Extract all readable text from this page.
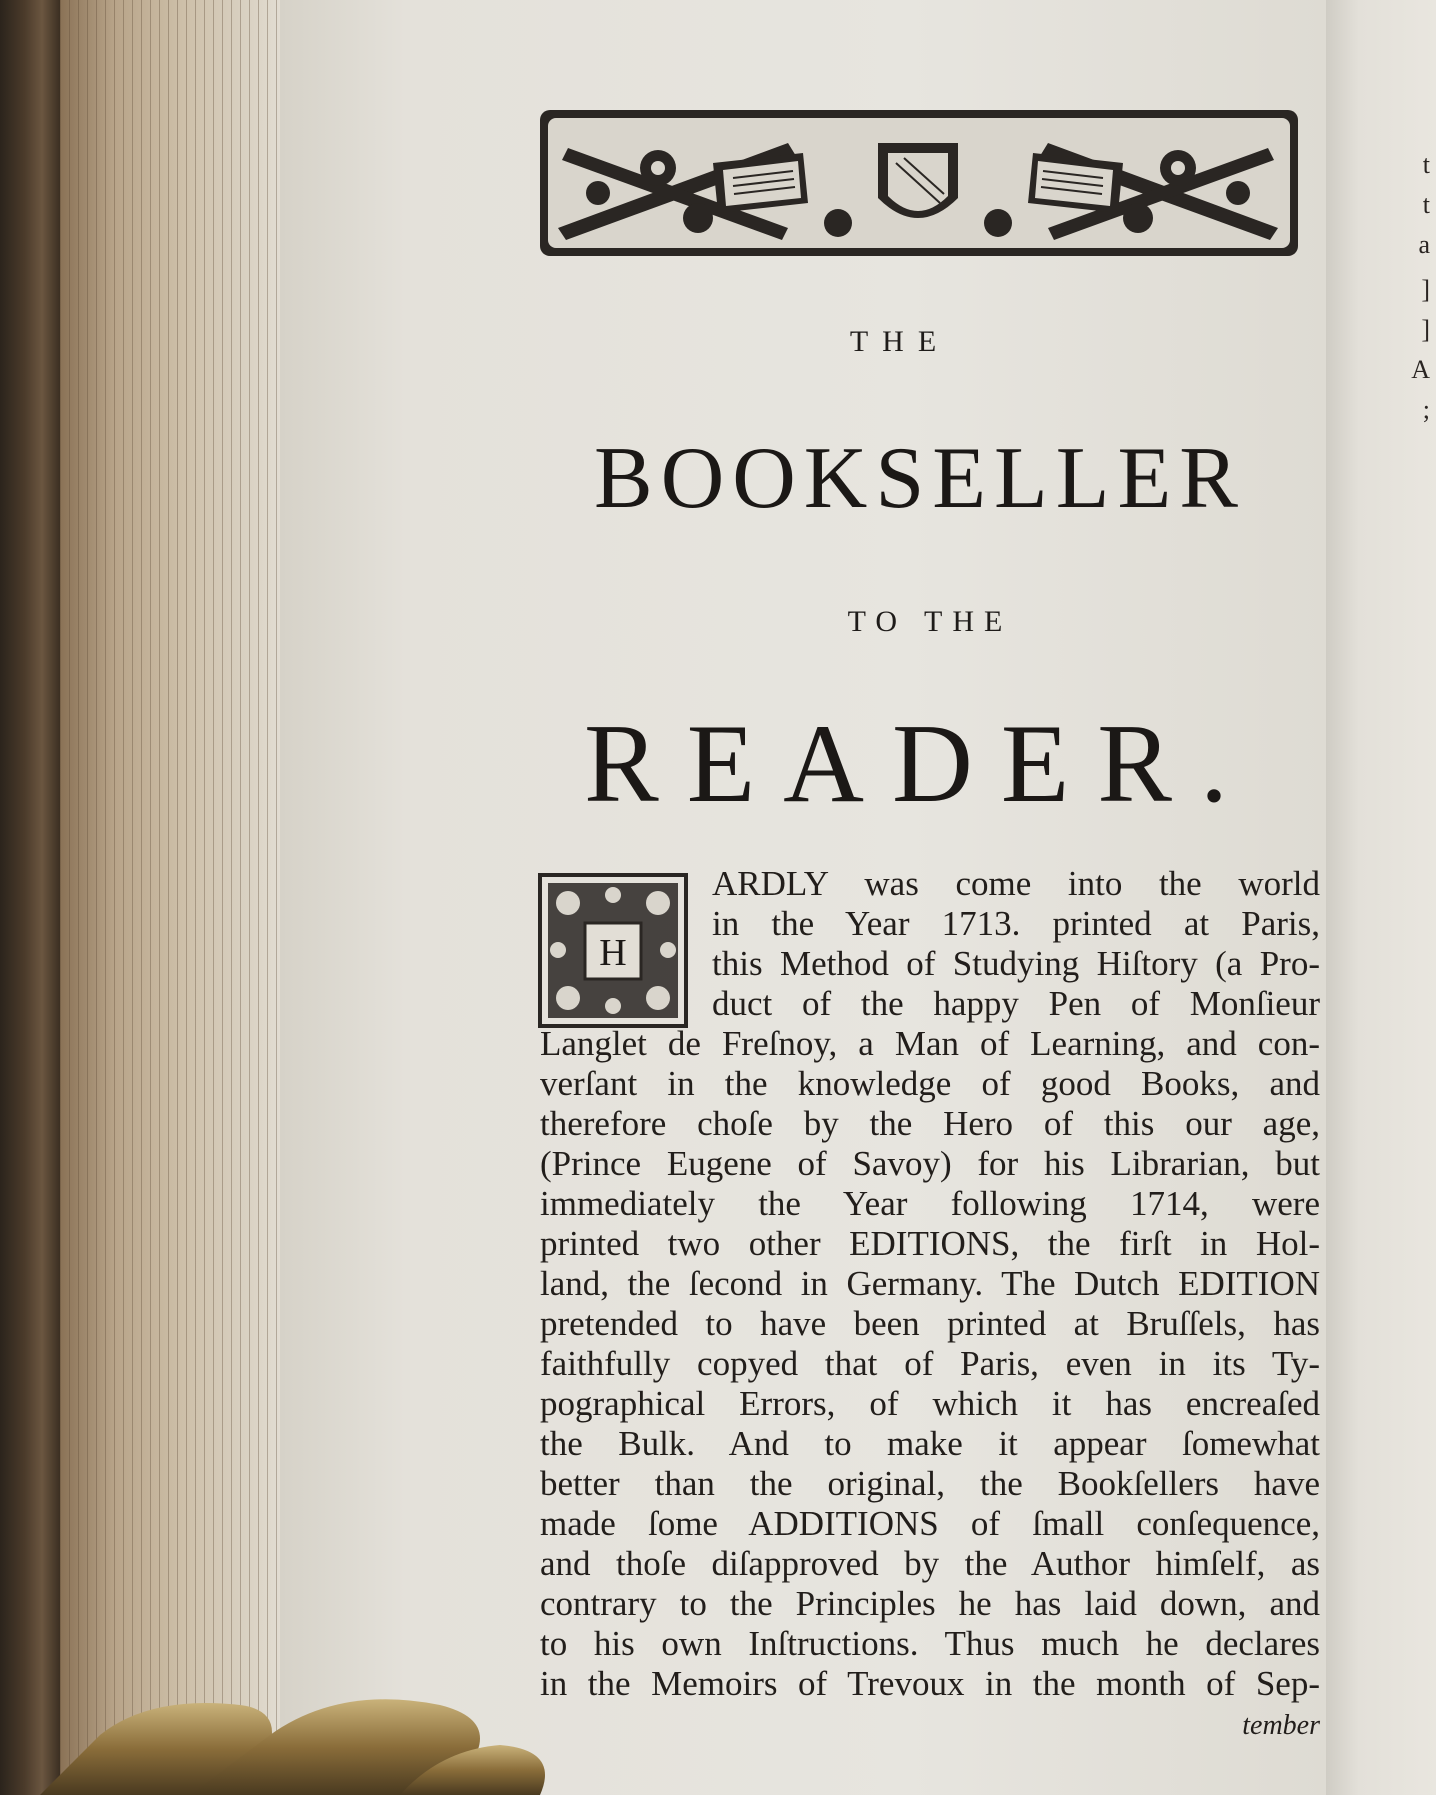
t
t
a
]
]
A
;
THE
BOOKSELLER
TO THE
READER.
H
ARDLY was come into the world
in the Year 1713. printed at Paris,
this Method of Studying Hiſtory (a Pro-
duct of the happy Pen of Monſieur
Langlet de Freſnoy, a Man of Learning, and con-
verſant in the knowledge of good Books, and
therefore choſe by the Hero of this our age,
(Prince Eugene of Savoy) for his Librarian, but
immediately the Year following 1714, were
printed two other EDITIONS, the firſt in Hol-
land, the ſecond in Germany. The Dutch EDITION
pretended to have been printed at Bruſſels, has
faithfully copyed that of Paris, even in its Ty-
pographical Errors, of which it has encreaſed
the Bulk. And to make it appear ſomewhat
better than the original, the Bookſellers have
made ſome ADDITIONS of ſmall conſequence,
and thoſe diſapproved by the Author himſelf, as
contrary to the Principles he has laid down, and
to his own Inſtructions. Thus much he declares
in the Memoirs of Trevoux in the month of Sep-
tember
